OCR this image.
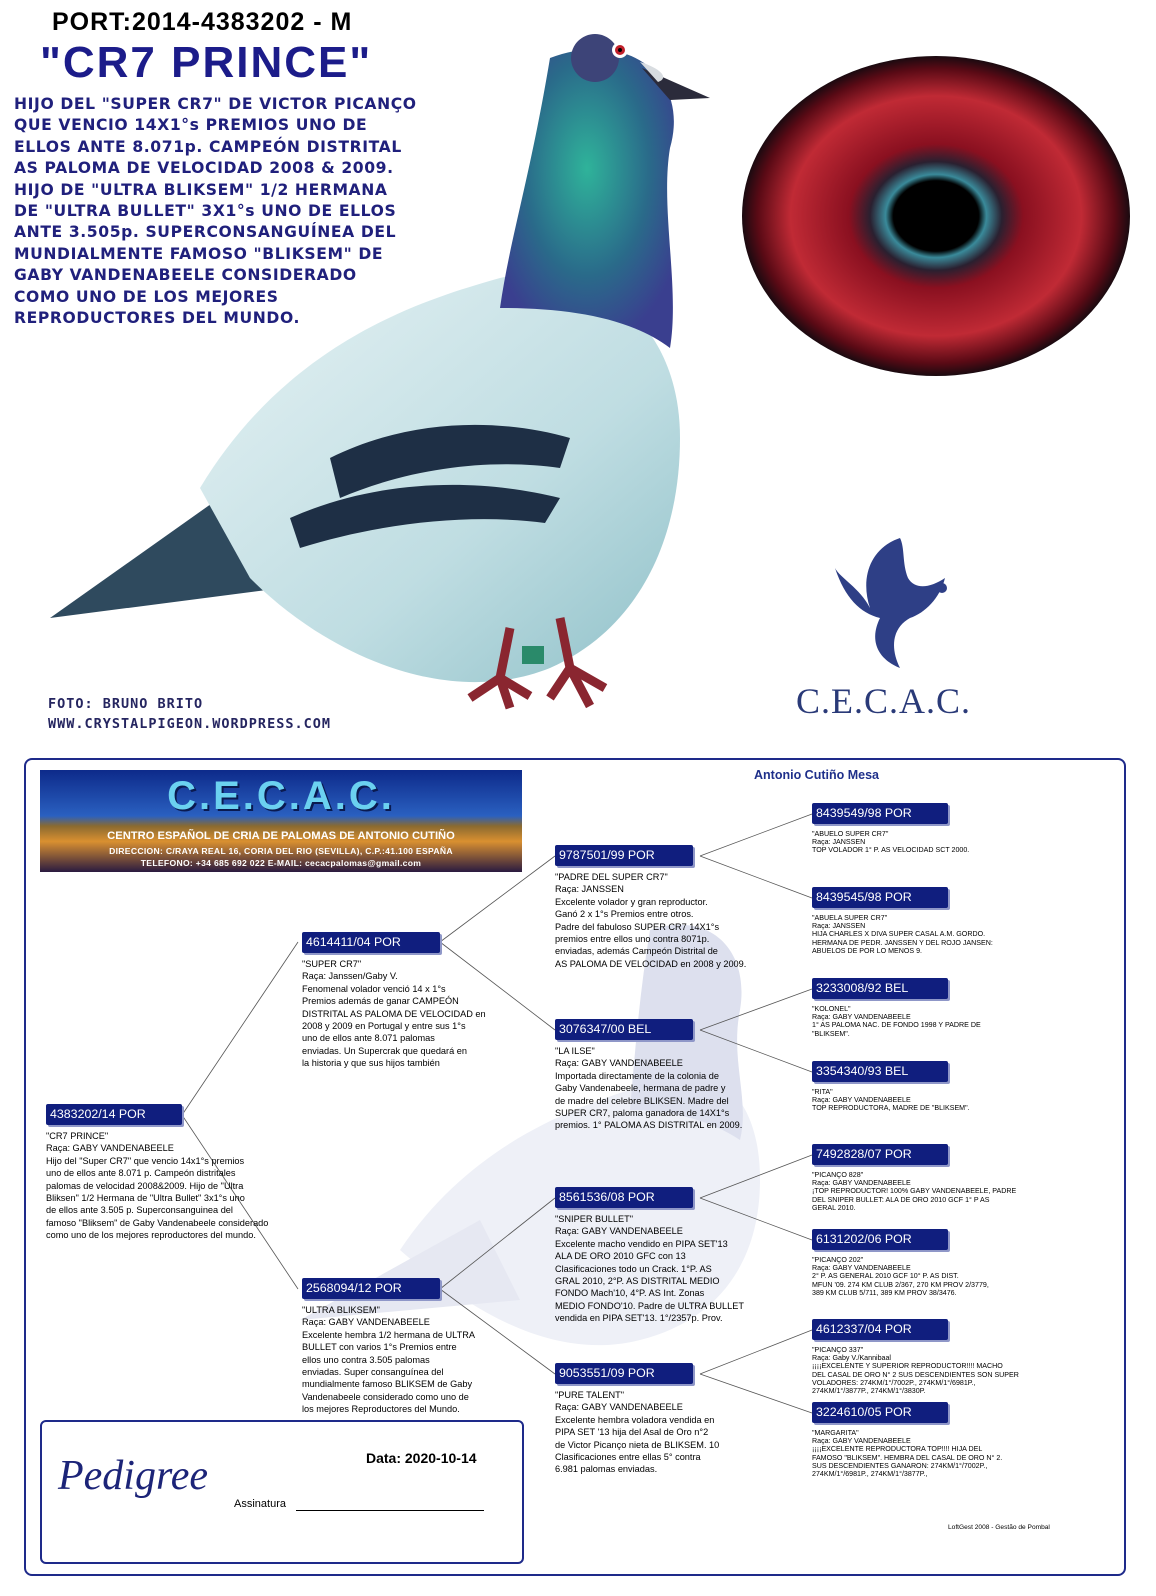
PORT:2014-4383202 - M
"CR7 PRINCE"
HIJO DEL "SUPER CR7" DE VICTOR PICANÇO
QUE VENCIO 14X1°s PREMIOS UNO DE
ELLOS ANTE 8.071p. CAMPEÓN DISTRITAL
AS PALOMA DE VELOCIDAD 2008 & 2009.
HIJO DE "ULTRA BLIKSEM" 1/2 HERMANA
DE "ULTRA BULLET" 3X1°s UNO DE ELLOS
ANTE 3.505p. SUPERCONSANGUÍNEA DEL
MUNDIALMENTE FAMOSO "BLIKSEM" DE
GABY VANDENABEELE CONSIDERADO
COMO UNO DE LOS MEJORES
REPRODUCTORES DEL MUNDO.
FOTO: BRUNO BRITO
WWW.CRYSTALPIGEON.WORDPRESS.COM
C.E.C.A.C.
Antonio Cutiño Mesa
C.E.C.A.C.
CENTRO ESPAÑOL DE CRIA DE PALOMAS DE ANTONIO CUTIÑO
DIRECCION: C/RAYA REAL 16, CORIA DEL RIO (SEVILLA), C.P.:41.100 ESPAÑA
TELEFONO: +34 685 692 022 E-MAIL: cecacpalomas@gmail.com
4383202/14 POR
"CR7 PRINCE"
Raça: GABY VANDENABEELE
Hijo del "Super CR7" que vencio 14x1°s premios
uno de ellos ante 8.071 p. Campeón distritales
palomas de velocidad 2008&2009. Hijo de "Ultra
Bliksen" 1/2 Hermana de "Ultra Bullet" 3x1°s uno
de ellos ante 3.505 p. Superconsanguinea del
famoso "Bliksem" de Gaby Vandenabeele considerado
como uno de los mejores reproductores del mundo.
4614411/04 POR
"SUPER CR7"
Raça: Janssen/Gaby V.
Fenomenal volador venció 14 x 1°s
Premios además de ganar CAMPEÓN
DISTRITAL AS PALOMA DE VELOCIDAD en
2008 y 2009 en Portugal y entre sus 1°s
uno de ellos ante 8.071 palomas
enviadas. Un Supercrak que quedará en
la historia y que sus hijos también
2568094/12 POR
"ULTRA BLIKSEM"
Raça: GABY VANDENABEELE
Excelente hembra 1/2 hermana de ULTRA
BULLET con varios 1°s Premios entre
ellos uno contra 3.505 palomas
enviadas. Super consanguínea del
mundialmente famoso BLIKSEM de Gaby
Vandenabeele considerado como uno de
los mejores Reproductores del Mundo.
9787501/99 POR
"PADRE DEL SUPER CR7"
Raça: JANSSEN
Excelente volador y gran reproductor.
Ganó 2 x 1°s Premios entre otros.
Padre del fabuloso SUPER CR7 14X1°s
premios entre ellos uno contra 8071p.
enviadas, además Campeón Distrital de
AS PALOMA DE VELOCIDAD en 2008 y 2009.
3076347/00 BEL
"LA ILSE"
Raça: GABY VANDENABEELE
Importada directamente de la colonia de
Gaby Vandenabeele, hermana de padre y
de madre del celebre BLIKSEN. Madre del
SUPER CR7, paloma ganadora de 14X1°s
premios. 1° PALOMA AS DISTRITAL en 2009.
8561536/08 POR
"SNIPER BULLET"
Raça: GABY VANDENABEELE
Excelente macho vendido en PIPA SET'13
ALA DE ORO 2010 GFC con 13
Clasificaciones todo un Crack. 1°P. AS
GRAL 2010, 2°P. AS DISTRITAL MEDIO
FONDO Mach'10, 4°P. AS Int. Zonas
MEDIO FONDO'10. Padre de ULTRA BULLET
vendida en PIPA SET'13. 1°/2357p. Prov.
9053551/09 POR
"PURE TALENT"
Raça: GABY VANDENABEELE
Excelente hembra voladora vendida en
PIPA SET '13 hija del Asal de Oro n°2
de Victor Picanço nieta de BLIKSEM. 10
Clasificaciones entre ellas 5° contra
6.981 palomas enviadas.
8439549/98 POR
"ABUELO SUPER CR7"
Raça: JANSSEN
TOP VOLADOR 1° P. AS VELOCIDAD SCT 2000.
8439545/98 POR
"ABUELA SUPER CR7"
Raça: JANSSEN
HIJA CHARLES X DIVA SUPER CASAL A.M. GORDO.
HERMANA DE PEDR. JANSSEN Y DEL ROJO JANSEN:
ABUELOS DE POR LO MENOS 9.
3233008/92 BEL
"KOLONEL"
Raça: GABY VANDENABEELE
1° AS PALOMA NAC. DE FONDO 1998 Y PADRE DE
"BLIKSEM".
3354340/93 BEL
"RITA"
Raça: GABY VANDENABEELE
TOP REPRODUCTORA, MADRE DE "BLIKSEM".
7492828/07 POR
"PICANÇO 828"
Raça: GABY VANDENABEELE
¡TOP REPRODUCTOR! 100% GABY VANDENABEELE, PADRE
DEL SNIPER BULLET: ALA DE ORO 2010 GCF 1° P AS
GERAL 2010.
6131202/06 POR
"PICANÇO 202"
Raça: GABY VANDENABEELE
2° P. AS GENERAL 2010 GCF 10° P. AS DIST.
MFUN '09. 274 KM CLUB 2/367, 270 KM PROV 2/3779,
389 KM CLUB 5/711, 389 KM PROV 38/3476.
4612337/04 POR
"PICANÇO 337"
Raça: Gaby V./Kannibaal
¡¡¡¡EXCELENTE Y SUPERIOR REPRODUCTOR!!!! MACHO
DEL CASAL DE ORO N° 2 SUS DESCENDIENTES SON SUPER
VOLADORES: 274KM/1°/7002P., 274KM/1°/6981P.,
274KM/1°/3877P., 274KM/1°/3830P.
3224610/05 POR
"MARGARITA"
Raça: GABY VANDENABEELE
¡¡¡¡EXCELENTE REPRODUCTORA TOP!!!! HIJA DEL
FAMOSO "BLIKSEM". HEMBRA DEL CASAL DE ORO N° 2.
SUS DESCENDIENTES GANARON: 274KM/1°/7002P.,
274KM/1°/6981P., 274KM/1°/3877P.,
Pedigree	Data: 2020-10-14
Assinatura
LoftGest 2008 - Gestão de Pombal
